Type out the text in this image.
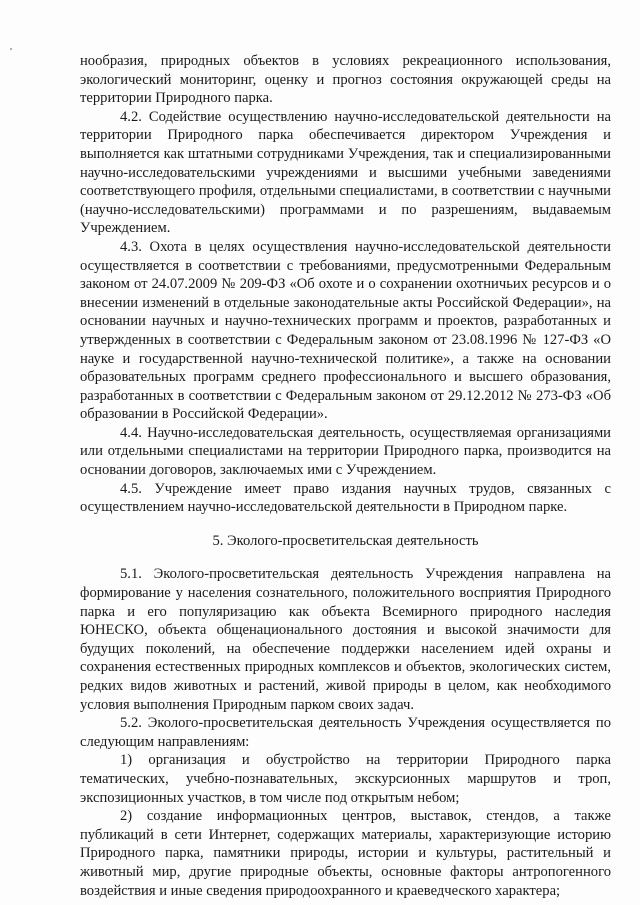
нообразия, природных объектов в условиях рекреационного использования, экологический мониторинг, оценку и прогноз состояния окружающей среды на территории Природного парка.

4.2. Содействие осуществлению научно-исследовательской деятельности на территории Природного парка обеспечивается директором Учреждения и выполняется как штатными сотрудниками Учреждения, так и специализированными научно-исследовательскими учреждениями и высшими учебными заведениями соответствующего профиля, отдельными специалистами, в соответствии с научными (научно-исследовательскими) программами и по разрешениям, выдаваемым Учреждением.

4.3. Охота в целях осуществления научно-исследовательской деятельности осуществляется в соответствии с требованиями, предусмотренными Федеральным законом от 24.07.2009 № 209-ФЗ «Об охоте и о сохранении охотничьих ресурсов и о внесении изменений в отдельные законодательные акты Российской Федерации», на основании научных и научно-технических программ и проектов, разработанных и утвержденных в соответствии с Федеральным законом от 23.08.1996 № 127-ФЗ «О науке и государственной научно-технической политике», а также на основании образовательных программ среднего профессионального и высшего образования, разработанных в соответствии с Федеральным законом от 29.12.2012 № 273-ФЗ «Об образовании в Российской Федерации».

4.4. Научно-исследовательская деятельность, осуществляемая организациями или отдельными специалистами на территории Природного парка, производится на основании договоров, заключаемых ими с Учреждением.

4.5. Учреждение имеет право издания научных трудов, связанных с осуществлением научно-исследовательской деятельности в Природном парке.

5. Эколого-просветительская деятельность

5.1. Эколого-просветительская деятельность Учреждения направлена на формирование у населения сознательного, положительного восприятия Природного парка и его популяризацию как объекта Всемирного природного наследия ЮНЕСКО, объекта общенационального достояния и высокой значимости для будущих поколений, на обеспечение поддержки населением идей охраны и сохранения естественных природных комплексов и объектов, экологических систем, редких видов животных и растений, живой природы в целом, как необходимого условия выполнения Природным парком своих задач.

5.2. Эколого-просветительская деятельность Учреждения осуществляется по следующим направлениям:

1) организация и обустройство на территории Природного парка тематических, учебно-познавательных, экскурсионных маршрутов и троп, экспозиционных участков, в том числе под открытым небом;

2) создание информационных центров, выставок, стендов, а также публикаций в сети Интернет, содержащих материалы, характеризующие историю Природного парка, памятники природы, истории и культуры, растительный и животный мир, другие природные объекты, основные факторы антропогенного воздействия и иные сведения природоохранного и краеведческого характера;
